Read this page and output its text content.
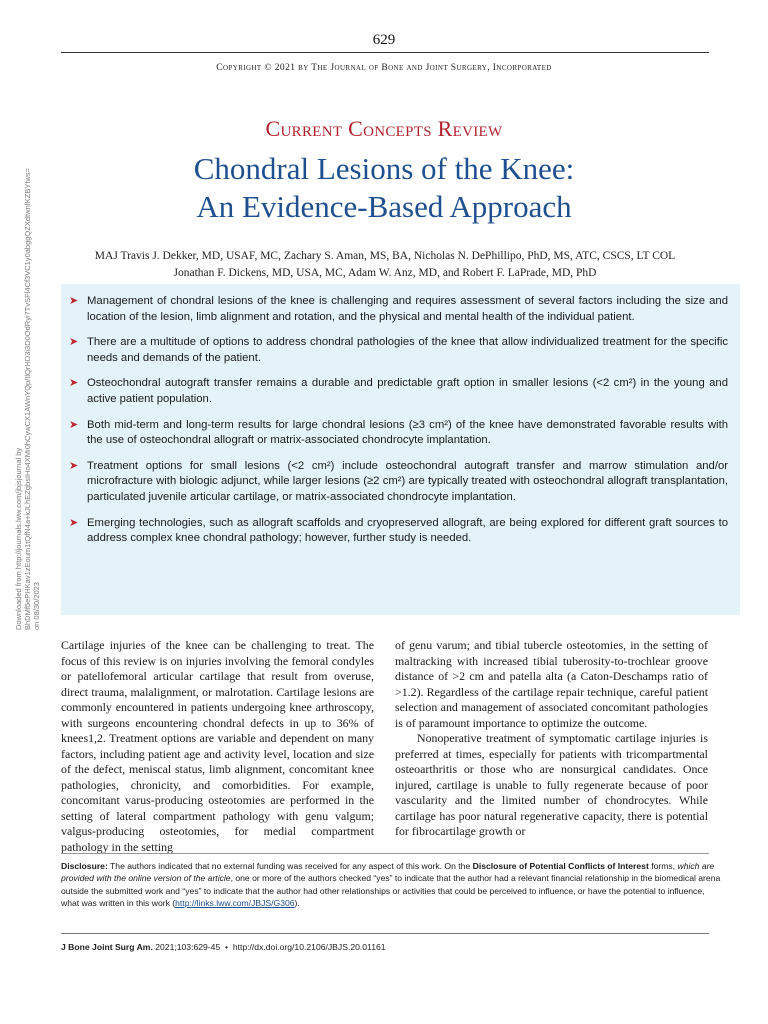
629
Copyright © 2021 by The Journal of Bone and Joint Surgery, Incorporated
Downloaded from http://journals.lww.com/jbjsjournal by BhDMf5ePHKav1zEoum1tQfN4a+kJLhEZgbsIHo4XMi0hCywCX1AWnYQp/IlQrHD3i3D0OdRyi7TvSFl4Cf3VC1y0abggQZXdtwnfKZBYtws= on 08/30/2023
Current Concepts Review
Chondral Lesions of the Knee:
An Evidence-Based Approach
MAJ Travis J. Dekker, MD, USAF, MC, Zachary S. Aman, MS, BA, Nicholas N. DePhillipo, PhD, MS, ATC, CSCS, LT COL
Jonathan F. Dickens, MD, USA, MC, Adam W. Anz, MD, and Robert F. LaPrade, MD, PhD
➤ Management of chondral lesions of the knee is challenging and requires assessment of several factors including the size and location of the lesion, limb alignment and rotation, and the physical and mental health of the individual patient.
➤ There are a multitude of options to address chondral pathologies of the knee that allow individualized treatment for the specific needs and demands of the patient.
➤ Osteochondral autograft transfer remains a durable and predictable graft option in smaller lesions (<2 cm²) in the young and active patient population.
➤ Both mid-term and long-term results for large chondral lesions (≥3 cm²) of the knee have demonstrated favorable results with the use of osteochondral allograft or matrix-associated chondrocyte implantation.
➤ Treatment options for small lesions (<2 cm²) include osteochondral autograft transfer and marrow stimulation and/or microfracture with biologic adjunct, while larger lesions (≥2 cm²) are typically treated with osteochondral allograft transplantation, particulated juvenile articular cartilage, or matrix-associated chondrocyte implantation.
➤ Emerging technologies, such as allograft scaffolds and cryopreserved allograft, are being explored for different graft sources to address complex knee chondral pathology; however, further study is needed.

Cartilage injuries of the knee can be challenging to treat. The focus of this review is on injuries involving the femoral condyles or patellofemoral articular cartilage that result from overuse, direct trauma, malalignment, or malrotation. Cartilage lesions are commonly encountered in patients undergoing knee arthroscopy, with surgeons encountering chondral defects in up to 36% of knees1,2. Treatment options are variable and dependent on many factors, including patient age and activity level, location and size of the defect, meniscal status, limb alignment, concomitant knee pathologies, chronicity, and comorbidities. For example, concomitant varus-producing osteotomies are performed in the setting of lateral compartment pathology with genu valgum; valgus-producing osteotomies, for medial compartment pathology in the setting

of genu varum; and tibial tubercle osteotomies, in the setting of maltracking with increased tibial tuberosity-to-trochlear groove distance of >2 cm and patella alta (a Caton-Deschamps ratio of >1.2). Regardless of the cartilage repair technique, careful patient selection and management of associated concomitant pathologies is of paramount importance to optimize the outcome.

Nonoperative treatment of symptomatic cartilage injuries is preferred at times, especially for patients with tricompartmental osteoarthritis or those who are nonsurgical candidates. Once injured, cartilage is unable to fully regenerate because of poor vascularity and the limited number of chondrocytes. While cartilage has poor natural regenerative capacity, there is potential for fibrocartilage growth or

Disclosure: The authors indicated that no external funding was received for any aspect of this work. On the Disclosure of Potential Conflicts of Interest forms, which are provided with the online version of the article, one or more of the authors checked “yes” to indicate that the author had a relevant financial relationship in the biomedical arena outside the submitted work and “yes” to indicate that the author had other relationships or activities that could be perceived to influence, or have the potential to influence, what was written in this work (http://links.lww.com/JBJS/G306).
J Bone Joint Surg Am. 2021;103:629-45 • http://dx.doi.org/10.2106/JBJS.20.01161
